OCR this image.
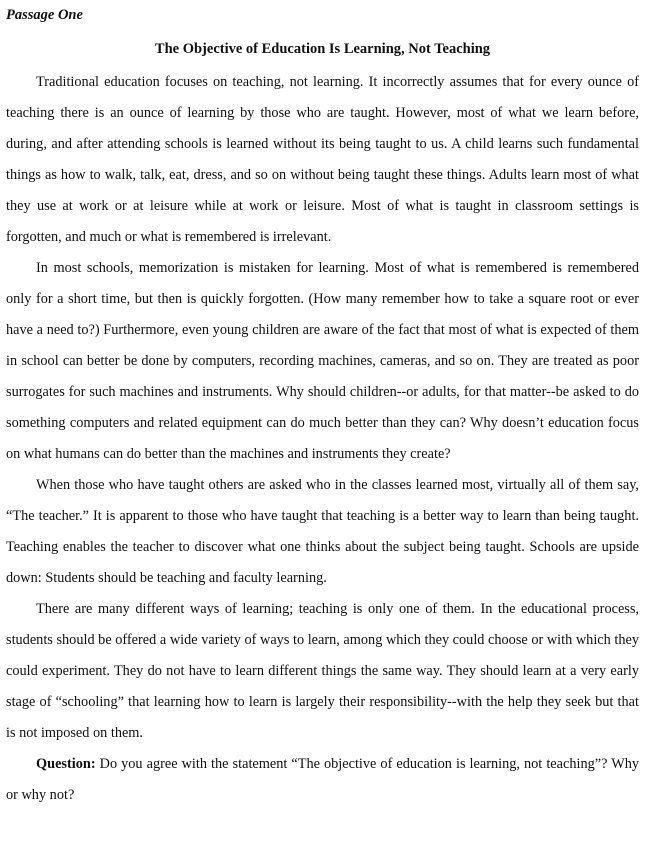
Passage One
The Objective of Education Is Learning, Not Teaching

Traditional education focuses on teaching, not learning. It incorrectly assumes that for every ounce of teaching there is an ounce of learning by those who are taught. However, most of what we learn before, during, and after attending schools is learned without its being taught to us. A child learns such fundamental things as how to walk, talk, eat, dress, and so on without being taught these things. Adults learn most of what they use at work or at leisure while at work or leisure. Most of what is taught in classroom settings is forgotten, and much or what is remembered is irrelevant.

In most schools, memorization is mistaken for learning. Most of what is remembered is remembered only for a short time, but then is quickly forgotten. (How many remember how to take a square root or ever have a need to?) Furthermore, even young children are aware of the fact that most of what is expected of them in school can better be done by computers, recording machines, cameras, and so on. They are treated as poor surrogates for such machines and instruments. Why should children--or adults, for that matter--be asked to do something computers and related equipment can do much better than they can? Why doesn’t education focus on what humans can do better than the machines and instruments they create?

When those who have taught others are asked who in the classes learned most, virtually all of them say, “The teacher.” It is apparent to those who have taught that teaching is a better way to learn than being taught. Teaching enables the teacher to discover what one thinks about the subject being taught. Schools are upside down: Students should be teaching and faculty learning.

There are many different ways of learning; teaching is only one of them. In the educational process, students should be offered a wide variety of ways to learn, among which they could choose or with which they could experiment. They do not have to learn different things the same way. They should learn at a very early stage of “schooling” that learning how to learn is largely their responsibility--with the help they seek but that is not imposed on them.

Question: Do you agree with the statement “The objective of education is learning, not teaching”? Why or why not?
